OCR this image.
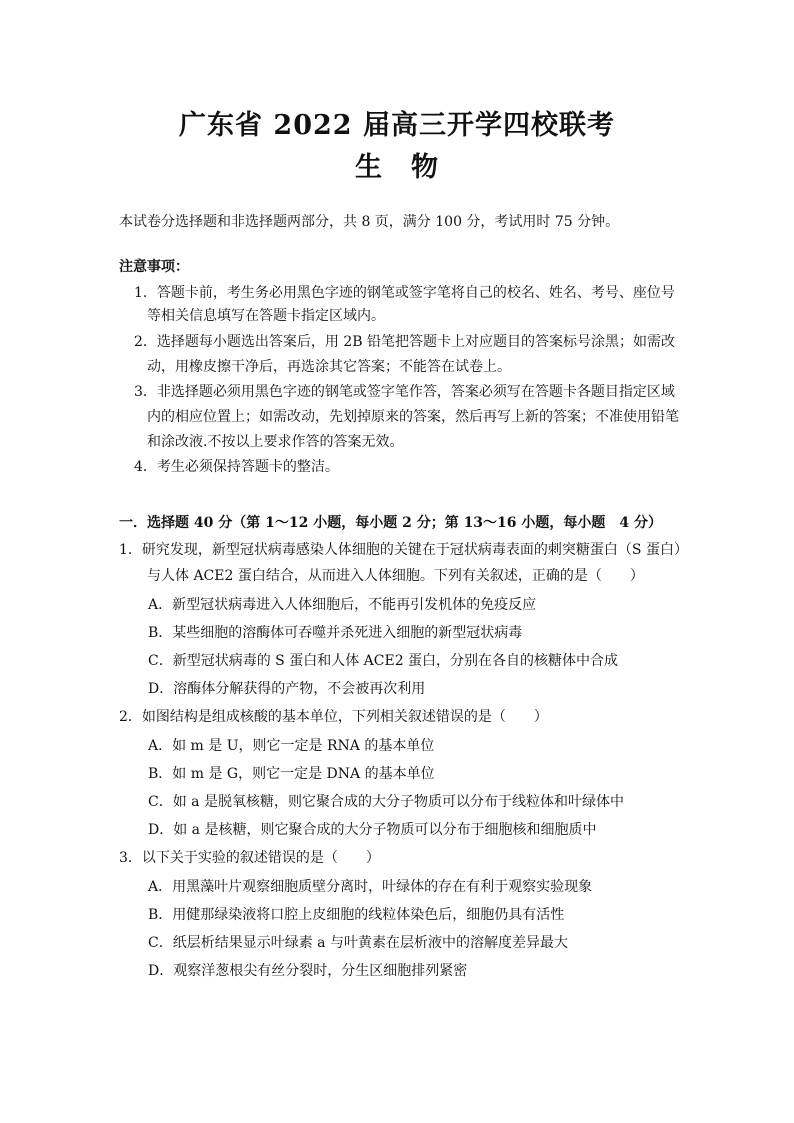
广东省 2022 届高三开学四校联考
生　物
本试卷分选择题和非选择题两部分，共 8 页，满分 100 分，考试用时 75 分钟。
注意事项：
1．答题卡前，考生务必用黑色字迹的钢笔或签字笔将自己的校名、姓名、考号、座位号
等相关信息填写在答题卡指定区域内。
2．选择题每小题选出答案后，用 2B 铅笔把答题卡上对应题目的答案标号涂黑；如需改
动，用橡皮擦干净后，再选涂其它答案；不能答在试卷上。
3．非选择题必须用黑色字迹的钢笔或签字笔作答，答案必须写在答题卡各题目指定区域
内的相应位置上；如需改动，先划掉原来的答案，然后再写上新的答案；不准使用铅笔
和涂改液.不按以上要求作答的答案无效。
4．考生必须保持答题卡的整洁。
一．选择题 40 分（第 1～12 小题，每小题 2 分；第 13～16 小题，每小题　4 分）
1．研究发现，新型冠状病毒感染人体细胞的关键在于冠状病毒表面的刺突糖蛋白（S 蛋白）
与人体 ACE2 蛋白结合，从而进入人体细胞。下列有关叙述，正确的是（　　）
A．新型冠状病毒进入人体细胞后，不能再引发机体的免疫反应
B．某些细胞的溶酶体可吞噬并杀死进入细胞的新型冠状病毒
C．新型冠状病毒的 S 蛋白和人体 ACE2 蛋白，分别在各自的核糖体中合成
D．溶酶体分解获得的产物，不会被再次利用
2．如图结构是组成核酸的基本单位，下列相关叙述错误的是（　　）
A．如 m 是 U，则它一定是 RNA 的基本单位
B．如 m 是 G，则它一定是 DNA 的基本单位
C．如 a 是脱氧核糖，则它聚合成的大分子物质可以分布于线粒体和叶绿体中
D．如 a 是核糖，则它聚合成的大分子物质可以分布于细胞核和细胞质中
3．以下关于实验的叙述错误的是（　　）
A．用黑藻叶片观察细胞质壁分离时，叶绿体的存在有利于观察实验现象
B．用健那绿染液将口腔上皮细胞的线粒体染色后，细胞仍具有活性
C．纸层析结果显示叶绿素 a 与叶黄素在层析液中的溶解度差异最大
D．观察洋葱根尖有丝分裂时，分生区细胞排列紧密
